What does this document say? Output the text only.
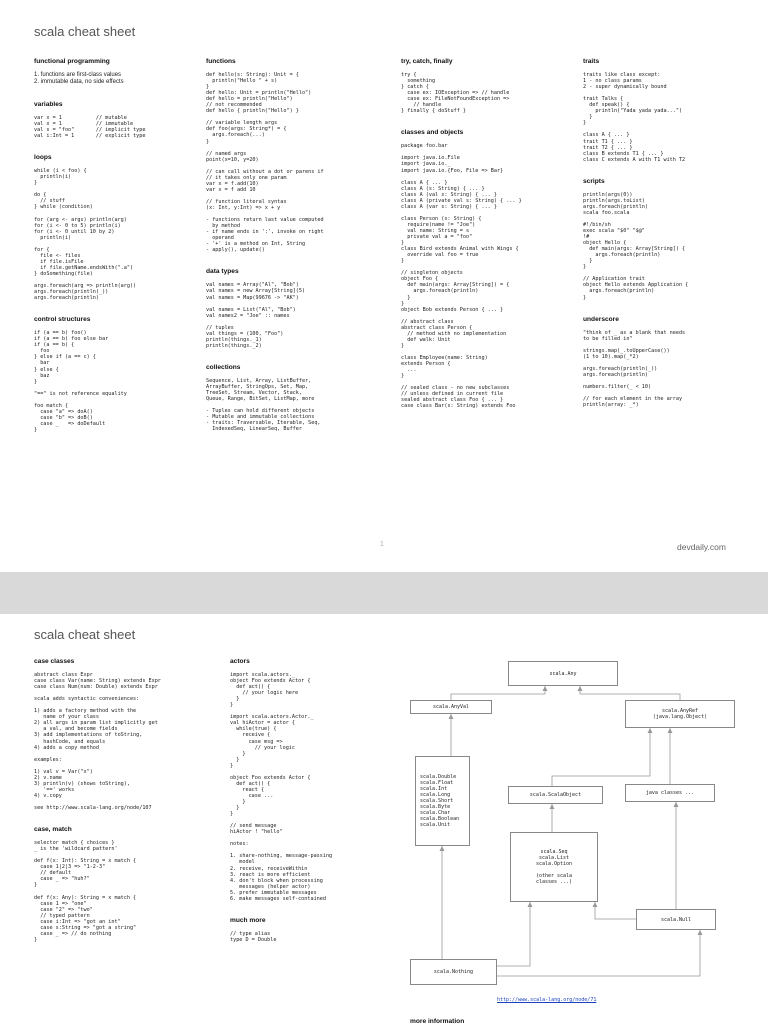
scala cheat sheet
functional programming
1. functions are first-class values
2. immutable data, no side effects
variables
var x = 1           // mutable
val x = 1           // immutable
val s = "foo"       // implicit type
val i:Int = 1       // explicit type
loops
while (i < foo) {
println(i)
}

do {
// stuff
} while (condition)

for (arg <- args) println(arg)
for (i <- 0 to 5) println(i)
for (i <- 0 until 10 by 2)
println(i)

for {
file <- files
if file.isFile
if file.getName.endsWith(".a")
} doSomething(file)

args.foreach(arg => println(arg))
args.foreach(println(_))
args.foreach(println)
control structures
if (a == b) foo()
if (a == b) foo else bar
if (a == b) {
foo
} else if (a == c) {
bar
} else {
baz
}

"==" is not reference equality

foo match {
case "a" => doA()
case "b" => doB()
case _   => doDefault
}
functions
def hello(s: String): Unit = {
println("Hello " + s)
}
def hello: Unit = println("Hello")
def hello = println("Hello")
// not recommended
def hello { println("Hello") }

// variable length args
def foo(args: String*) = {
args.foreach(...)
}

// named args
point(x=10, y=20)

// can call without a dot or parens if
// it takes only one param
var x = f.add(10)
var x = f add 10

// function literal syntax
(x: Int, y:Int) => x + y

- functions return last value computed
by method
- if name ends in ':', invoke on right
operand
- '+' is a method on Int, String
- apply(), update()
data types
val names = Array("Al", "Bob")
val names = new Array[String](5)
val names = Map(99676 -> "AK")

val names = List("Al", "Bob")
val names2 = "Joe" :: names

// tuples
val things = (100, "Foo")
println(things._1)
println(things._2)
collections
Sequence, List, Array, ListBuffer,
ArrayBuffer, StringOps, Set, Map,
TreeSet, Stream, Vector, Stack,
Queue, Range, BitSet, ListMap, more

- Tuples can hold different objects
- Mutable and immutable collections
- traits: Traversable, Iterable, Seq,
IndexedSeq, LinearSeq, Buffer
try, catch, finally
try {
something
} catch {
case ex: IOException => // handle
case ex: FileNotFoundException =>
// handle
} finally { doStuff }
classes and objects
package foo.bar

import java.io.File
import java.io._
import java.io.{Foo, File => Bar}

class A { ... }
class A (s: String) { ... }
class A (val s: String) { ... }
class A (private val s: String) { ... }
class A (var s: String) { ... }

class Person (s: String) {
require(name != "Joe")
val name: String = s
private val a = "foo"
}
class Bird extends Animal with Wings {
override val foo = true
}

// singleton objects
object Foo {
def main(args: Array[String]) = {
args.foreach(println)
}
}
object Bob extends Person { ... }

// abstract class
abstract class Person {
// method with no implementation
def walk: Unit
}

class Employee(name: String)
extends Person {
...
}

// sealed class - no new subclasses
// unless defined in current file
sealed abstract class Foo { ... }
case class Bar(s: String) extends Foo
traits
traits like class except:
1 - no class params
2 - super dynamically bound

trait Talks {
def speak() {
println("Yada yada yada...")
}
}

class A { ... }
trait T1 { ... }
trait T2 { ... }
class B extends T1 { ... }
class C extends A with T1 with T2
scripts
println(args(0))
println(args.toList)
args.foreach(println)
scala foo.scala

#!/bin/sh
exec scala "$0" "$@"
!#
object Hello {
def main(args: Array[String]) {
args.foreach(println)
}
}

// Application trait
object Hello extends Application {
args.foreach(println)
}
underscore
"think of _ as a blank that needs
to be filled in"

strings.map(_.toUpperCase())
(1 to 10).map(_*2)

args.foreach(println(_))
args.foreach(println)

numbers.filter(_ < 10)

// for each element in the array
println(array: _*)
1	devdaily.com
scala cheat sheet
case classes
abstract class Expr
case class Var(name: String) extends Expr
case class Num(num: Double) extends Expr

scala adds syntactic conveniences:

1) adds a factory method with the
name of your class
2) all args in param list implicitly get
a val, and become fields
3) add implementations of toString,
hashCode, and equals
4) adds a copy method

examples:

1) val v = Var("x")
2) v.name
3) println(v) (shows toString),
'==' works
4) v.copy

see http://www.scala-lang.org/node/107
case, match
selector match { choices }
_ is the 'wildcard pattern'

def f(x: Int): String = x match {
case 1|2|3 => "1-2-3"
// default
case _ => "huh?"
}

def f(x: Any): String = x match {
case 1 => "one"
case "2" => "two"
// typed pattern
case i:Int => "got an int"
case s:String => "got a string"
case _ => // do nothing
}
actors
import scala.actors._
object Foo extends Actor {
def act() {
// your logic here
}
}

import scala.actors.Actor._
val hiActor = actor {
while(true) {
receive {
case msg =>
// your logic
}
}
}

object Foo extends Actor {
def act() {
react {
case ...
}
}
}

// send message
hiActor ! "hello"

notes:

1. share-nothing, message-passing
model
2. receive, receiveWithin
3. react is more efficient
4. don't block when processing
messages (helper actor)
5. prefer immutable messages
6. make messages self-contained
much more
// type alias
type D = Double
scala.Any
scala.AnyVal
scala.AnyRef
(java.lang.Object)
scala.Double
scala.Float
scala.Int
scala.Long
scala.Short
scala.Byte
scala.Char
scala.Boolean
scala.Unit
scala.ScalaObject	java classes ...
scala.Seq
scala.List
scala.Option

(other scala
classes ...)
scala.Null
scala.Nothing
http://www.scala-lang.org/node/71
more information
